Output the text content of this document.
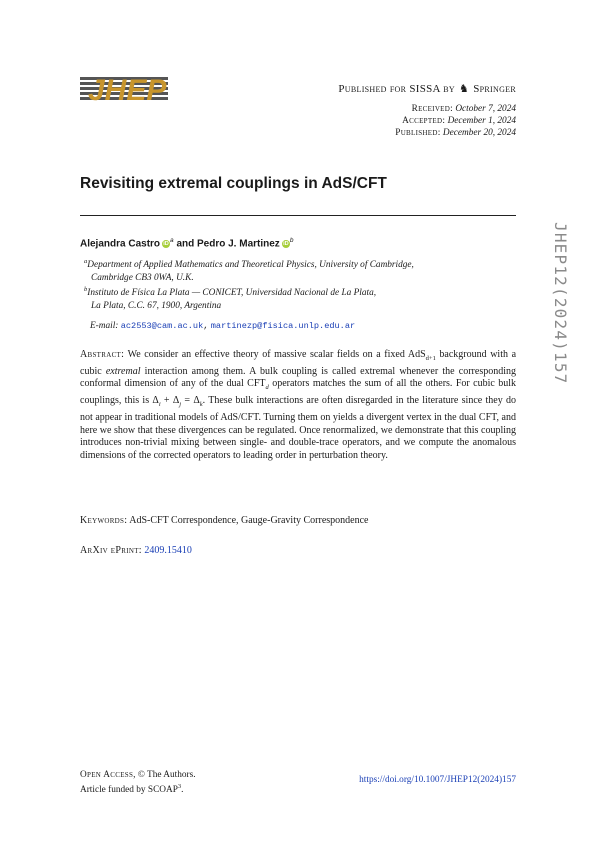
JHEP	Published for SISSA by ♞ Springer
Received: October 7, 2024
Accepted: December 1, 2024
Published: December 20, 2024
Revisiting extremal couplings in AdS/CFT
Alejandra Castro $iD^a$ and Pedro J. Martinez $iD^b$
$^a$Department of Applied Mathematics and Theoretical Physics, University of Cambridge,
Cambridge CB3 0WA, U.K.
$^b$Instituto de Física La Plata — CONICET, Universidad Nacional de La Plata,
La Plata, C.C. 67, 1900, Argentina
E-mail: ac2553@cam.ac.uk, martinezp@fisica.unlp.edu.ar

Abstract: We consider an effective theory of massive scalar fields on a fixed AdS$_{d+1}$ background with a cubic extremal interaction among them. A bulk coupling is called extremal whenever the corresponding conformal dimension of any of the dual $CFT_d$ operators matches the sum of all the others. For cubic bulk couplings, this is $\Delta_i + \Delta_j = \Delta_k$. These bulk interactions are often disregarded in the literature since they do not appear in traditional models of AdS/CFT. Turning them on yields a divergent vertex in the dual CFT, and here we show that these divergences can be regulated. Once renormalized, we demonstrate that this coupling introduces non-trivial mixing between single- and double-trace operators, and we compute the anomalous dimensions of the corrected operators to leading order in perturbation theory.

Keywords: AdS-CFT Correspondence, Gauge-Gravity Correspondence
ArXiv ePrint: 2409.15410
JHEP12(2024)157
Open Access, © The Authors.
Article funded by SCOAP$^3$.
https://doi.org/10.1007/JHEP12(2024)157
